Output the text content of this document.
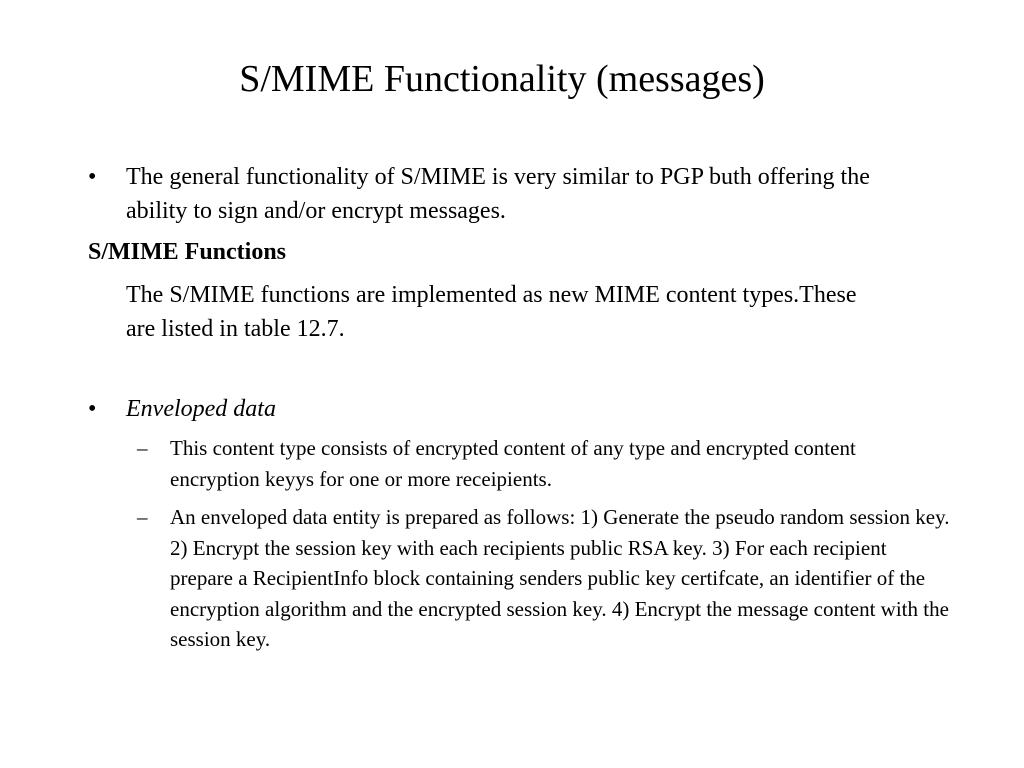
S/MIME Functionality (messages)
• The general functionality of S/MIME is very similar to PGP buth offering the ability to sign and/or encrypt messages.

S/MIME Functions

The S/MIME functions are implemented as new MIME content types.These are listed in table 12.7.

• Enveloped data

– This content type consists of encrypted content of any type and encrypted content encryption keyys for one or more receipients.

– An enveloped data entity is prepared as follows: 1) Generate the pseudo random session key. 2) Encrypt the session key with each recipients public RSA key. 3) For each recipient prepare a RecipientInfo block containing senders public key certifcate, an identifier of the encryption algorithm and the encrypted session key. 4) Encrypt the message content with the session key.
